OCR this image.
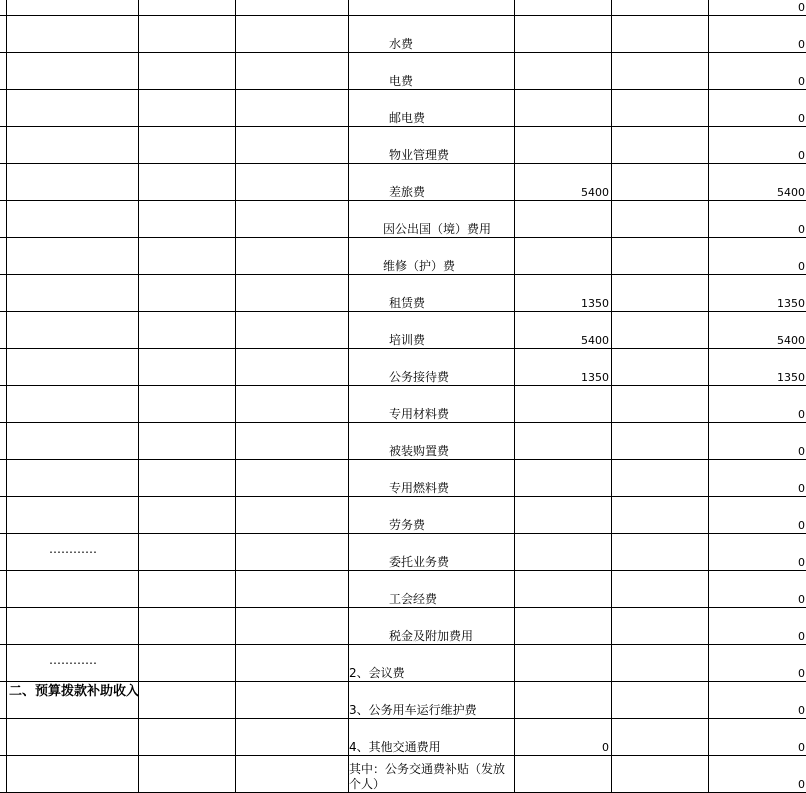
							0
				水费			0
				电费			0
				邮电费			0
				物业管理费			0
				差旅费	5400		5400
				因公出国（境）费用			0
				维修（护）费			0
				租赁费	1350		1350
				培训费	5400		5400
				公务接待费	1350		1350
				专用材料费			0
				被装购置费			0
				专用燃料费			0
				劳务费			0

	…………			委托业务费			0
				工会经费			0
				税金及附加费用			0

	…………			2、会议费			0

	二、预算拨款补助收入			3、公务用车运行维护费			0
				4、其他交通费用	0		0
				其中：公务交通费补贴（发放个人）			0
